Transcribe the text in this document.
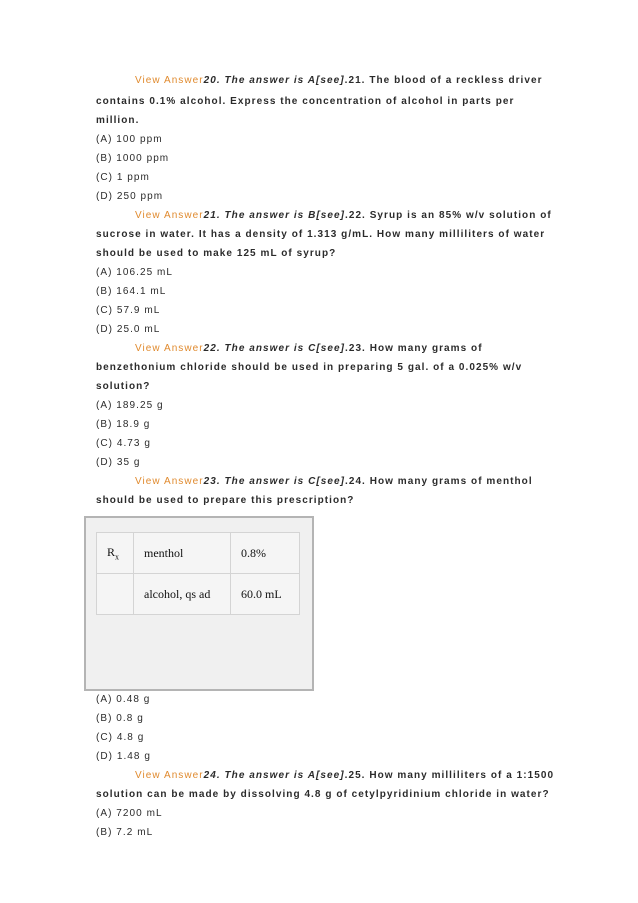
View Answer20. The answer is A[see].21. The blood of a reckless driver
contains 0.1% alcohol. Express the concentration of alcohol in parts per
million.
(A) 100 ppm
(B) 1000 ppm
(C) 1 ppm
(D) 250 ppm
View Answer21. The answer is B[see].22. Syrup is an 85% w/v solution of
sucrose in water. It has a density of 1.313 g/mL. How many milliliters of water
should be used to make 125 mL of syrup?
(A) 106.25 mL
(B) 164.1 mL
(C) 57.9 mL
(D) 25.0 mL
View Answer22. The answer is C[see].23. How many grams of
benzethonium chloride should be used in preparing 5 gal. of a 0.025% w/v
solution?
(A) 189.25 g
(B) 18.9 g
(C) 4.73 g
(D) 35 g
View Answer23. The answer is C[see].24. How many grams of menthol
should be used to prepare this prescription?
$R_x$	menthol	0.8%
	alcohol, qs ad	60.0 mL
(A) 0.48 g
(B) 0.8 g
(C) 4.8 g
(D) 1.48 g
View Answer24. The answer is A[see].25. How many milliliters of a 1:1500
solution can be made by dissolving 4.8 g of cetylpyridinium chloride in water?
(A) 7200 mL
(B) 7.2 mL
